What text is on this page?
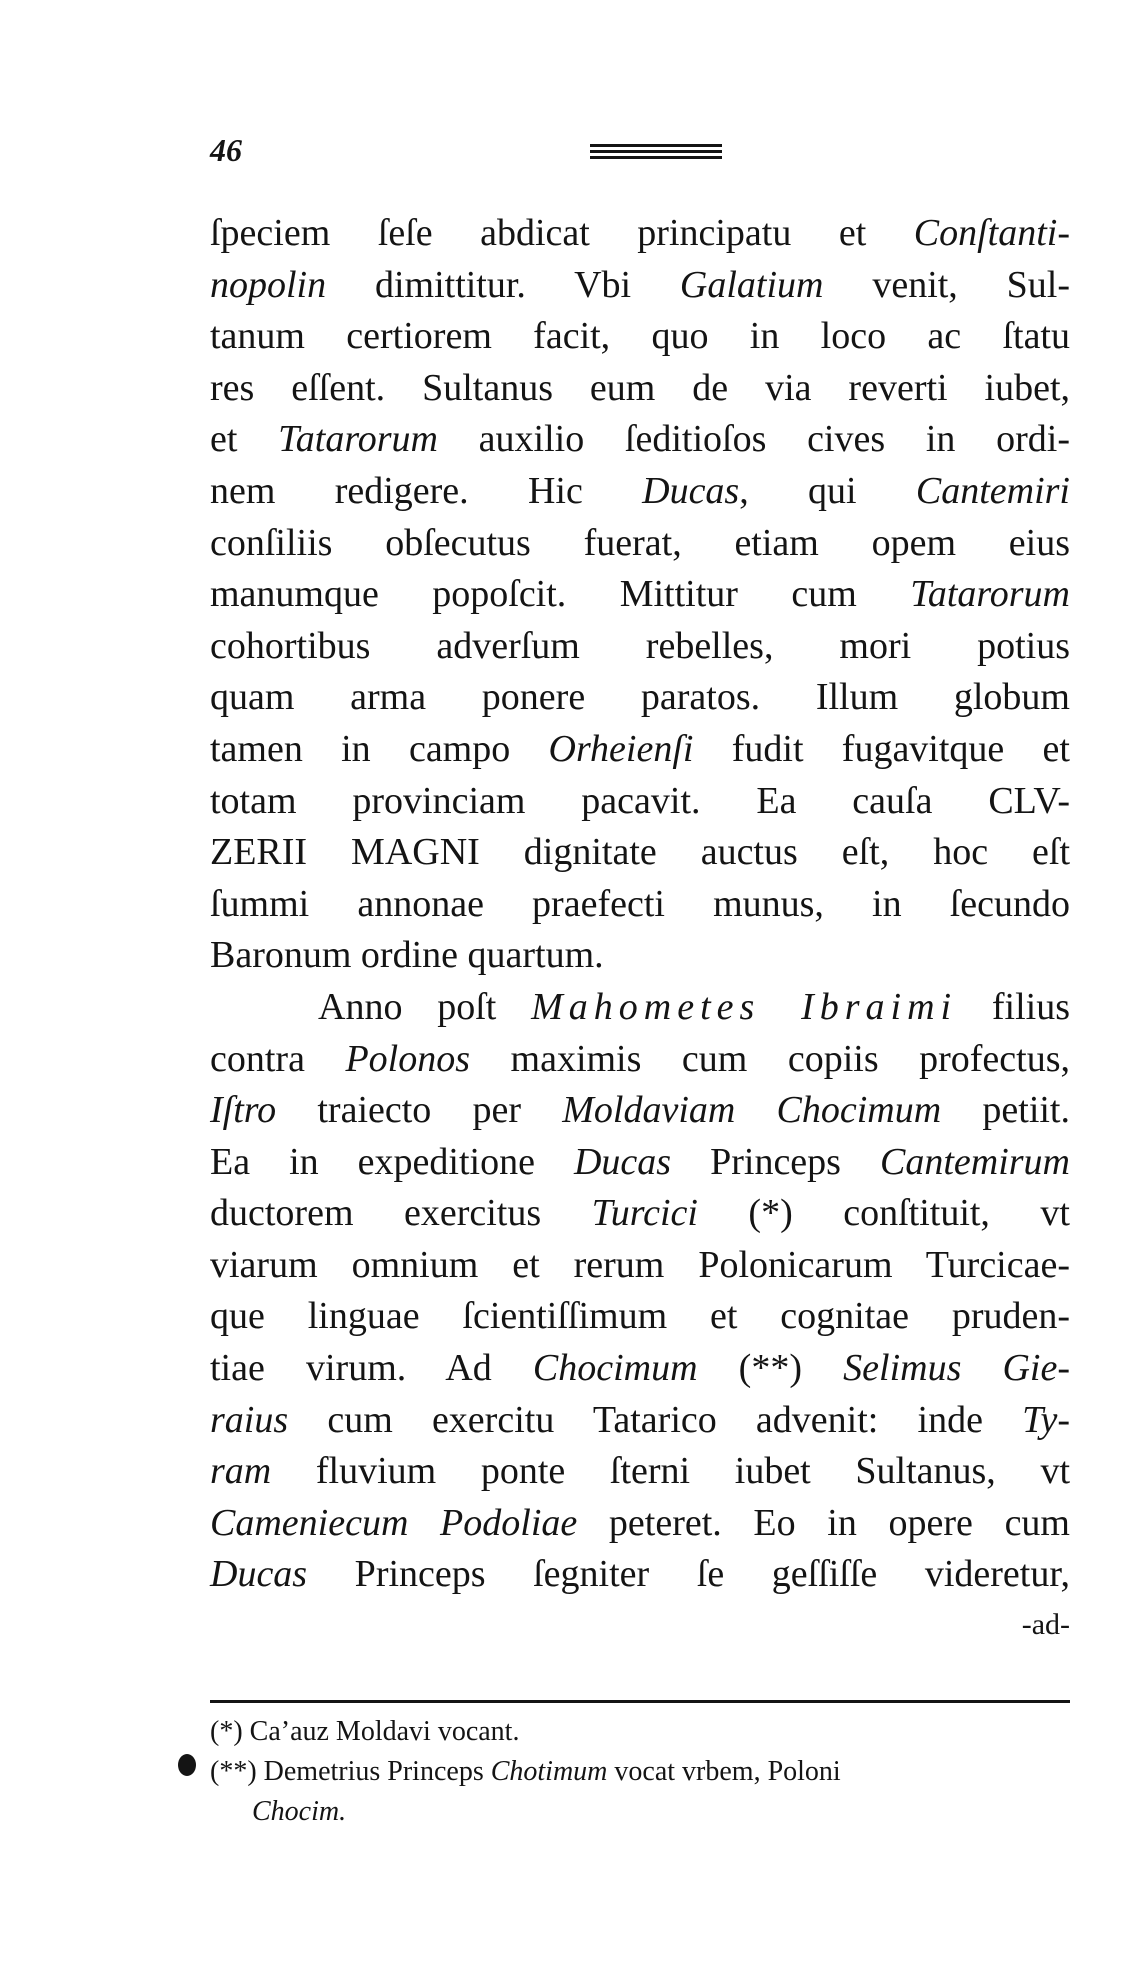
46
ſpeciem ſeſe abdicat principatu et Conſtanti-
nopolin dimittitur. Vbi Galatium venit, Sul-
tanum certiorem facit, quo in loco ac ſtatu
res eſſent. Sultanus eum de via reverti iubet,
et Tatarorum auxilio ſeditioſos cives in ordi-
nem redigere. Hic Ducas, qui Cantemiri
conſiliis obſecutus fuerat, etiam opem eius
manumque popoſcit. Mittitur cum Tatarorum
cohortibus adverſum rebelles, mori potius
quam arma ponere paratos. Illum globum
tamen in campo Orheienſi fudit fugavitque et
totam provinciam pacavit. Ea cauſa CLV-
ZERII MAGNI dignitate auctus eſt, hoc eſt
ſummi annonae praefecti munus, in ſecundo
Baronum ordine quartum.
Anno poſt Mahometes Ibraimi filius
contra Polonos maximis cum copiis profectus,
Iſtro traiecto per Moldaviam Chocimum petiit.
Ea in expeditione Ducas Princeps Cantemirum
ductorem exercitus Turcici (*) conſtituit, vt
viarum omnium et rerum Polonicarum Turcicae-
que linguae ſcientiſſimum et cognitae pruden-
tiae virum. Ad Chocimum (**) Selimus Gie-
raius cum exercitu Tatarico advenit: inde Ty-
ram fluvium ponte ſterni iubet Sultanus, vt
Cameniecum Podoliae peteret. Eo in opere cum
Ducas Princeps ſegniter ſe geſſiſſe videretur,
-ad-
(*) Caʼauz Moldavi vocant.
(**) Demetrius Princeps Chotimum vocat vrbem, Poloni
Chocim.
